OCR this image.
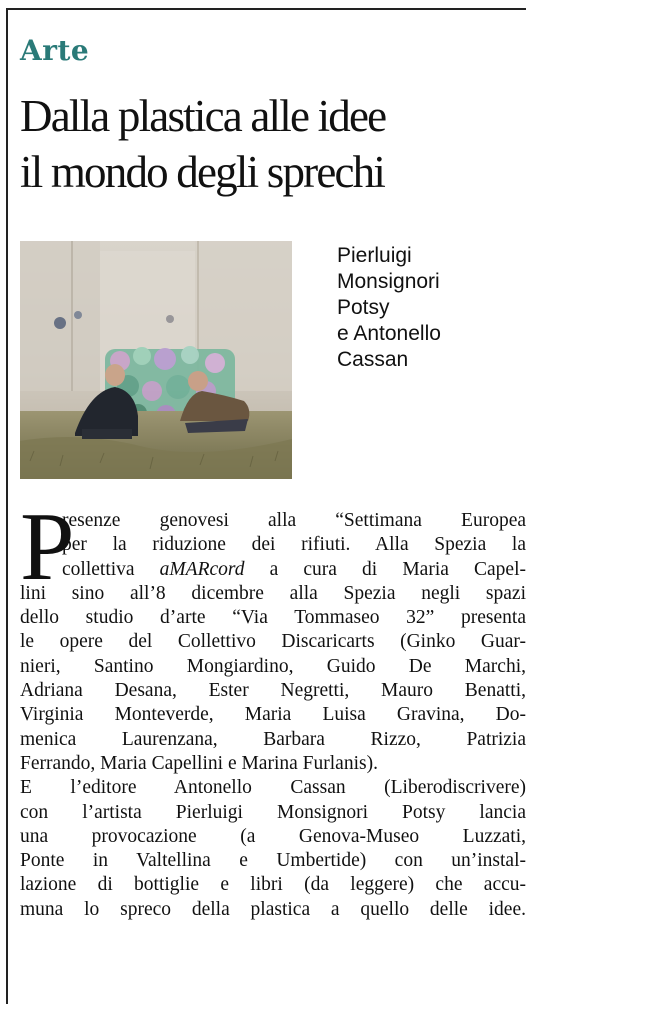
Arte
Dalla plastica alle idee
il mondo degli sprechi
Pierluigi
Monsignori
Potsy
e Antonello
Cassan
P
resenze genovesi alla “Settimana Europea
per la riduzione dei rifiuti. Alla Spezia la
collettiva aMARcord a cura di Maria Capel-
lini sino all’8 dicembre alla Spezia negli spazi
dello studio d’arte “Via Tommaseo 32” presenta
le opere del Collettivo Discaricarts (Ginko Guar-
nieri, Santino Mongiardino, Guido De Marchi,
Adriana Desana, Ester Negretti, Mauro Benatti,
Virginia Monteverde, Maria Luisa Gravina, Do-
menica Laurenzana, Barbara Rizzo, Patrizia
Ferrando, Maria Capellini e Marina Furlanis).
E l’editore Antonello Cassan (Liberodiscrivere)
con l’artista Pierluigi Monsignori Potsy lancia
una provocazione (a Genova-Museo Luzzati,
Ponte in Valtellina e Umbertide) con un’instal-
lazione di bottiglie e libri (da leggere) che accu-
muna lo spreco della plastica a quello delle idee.
